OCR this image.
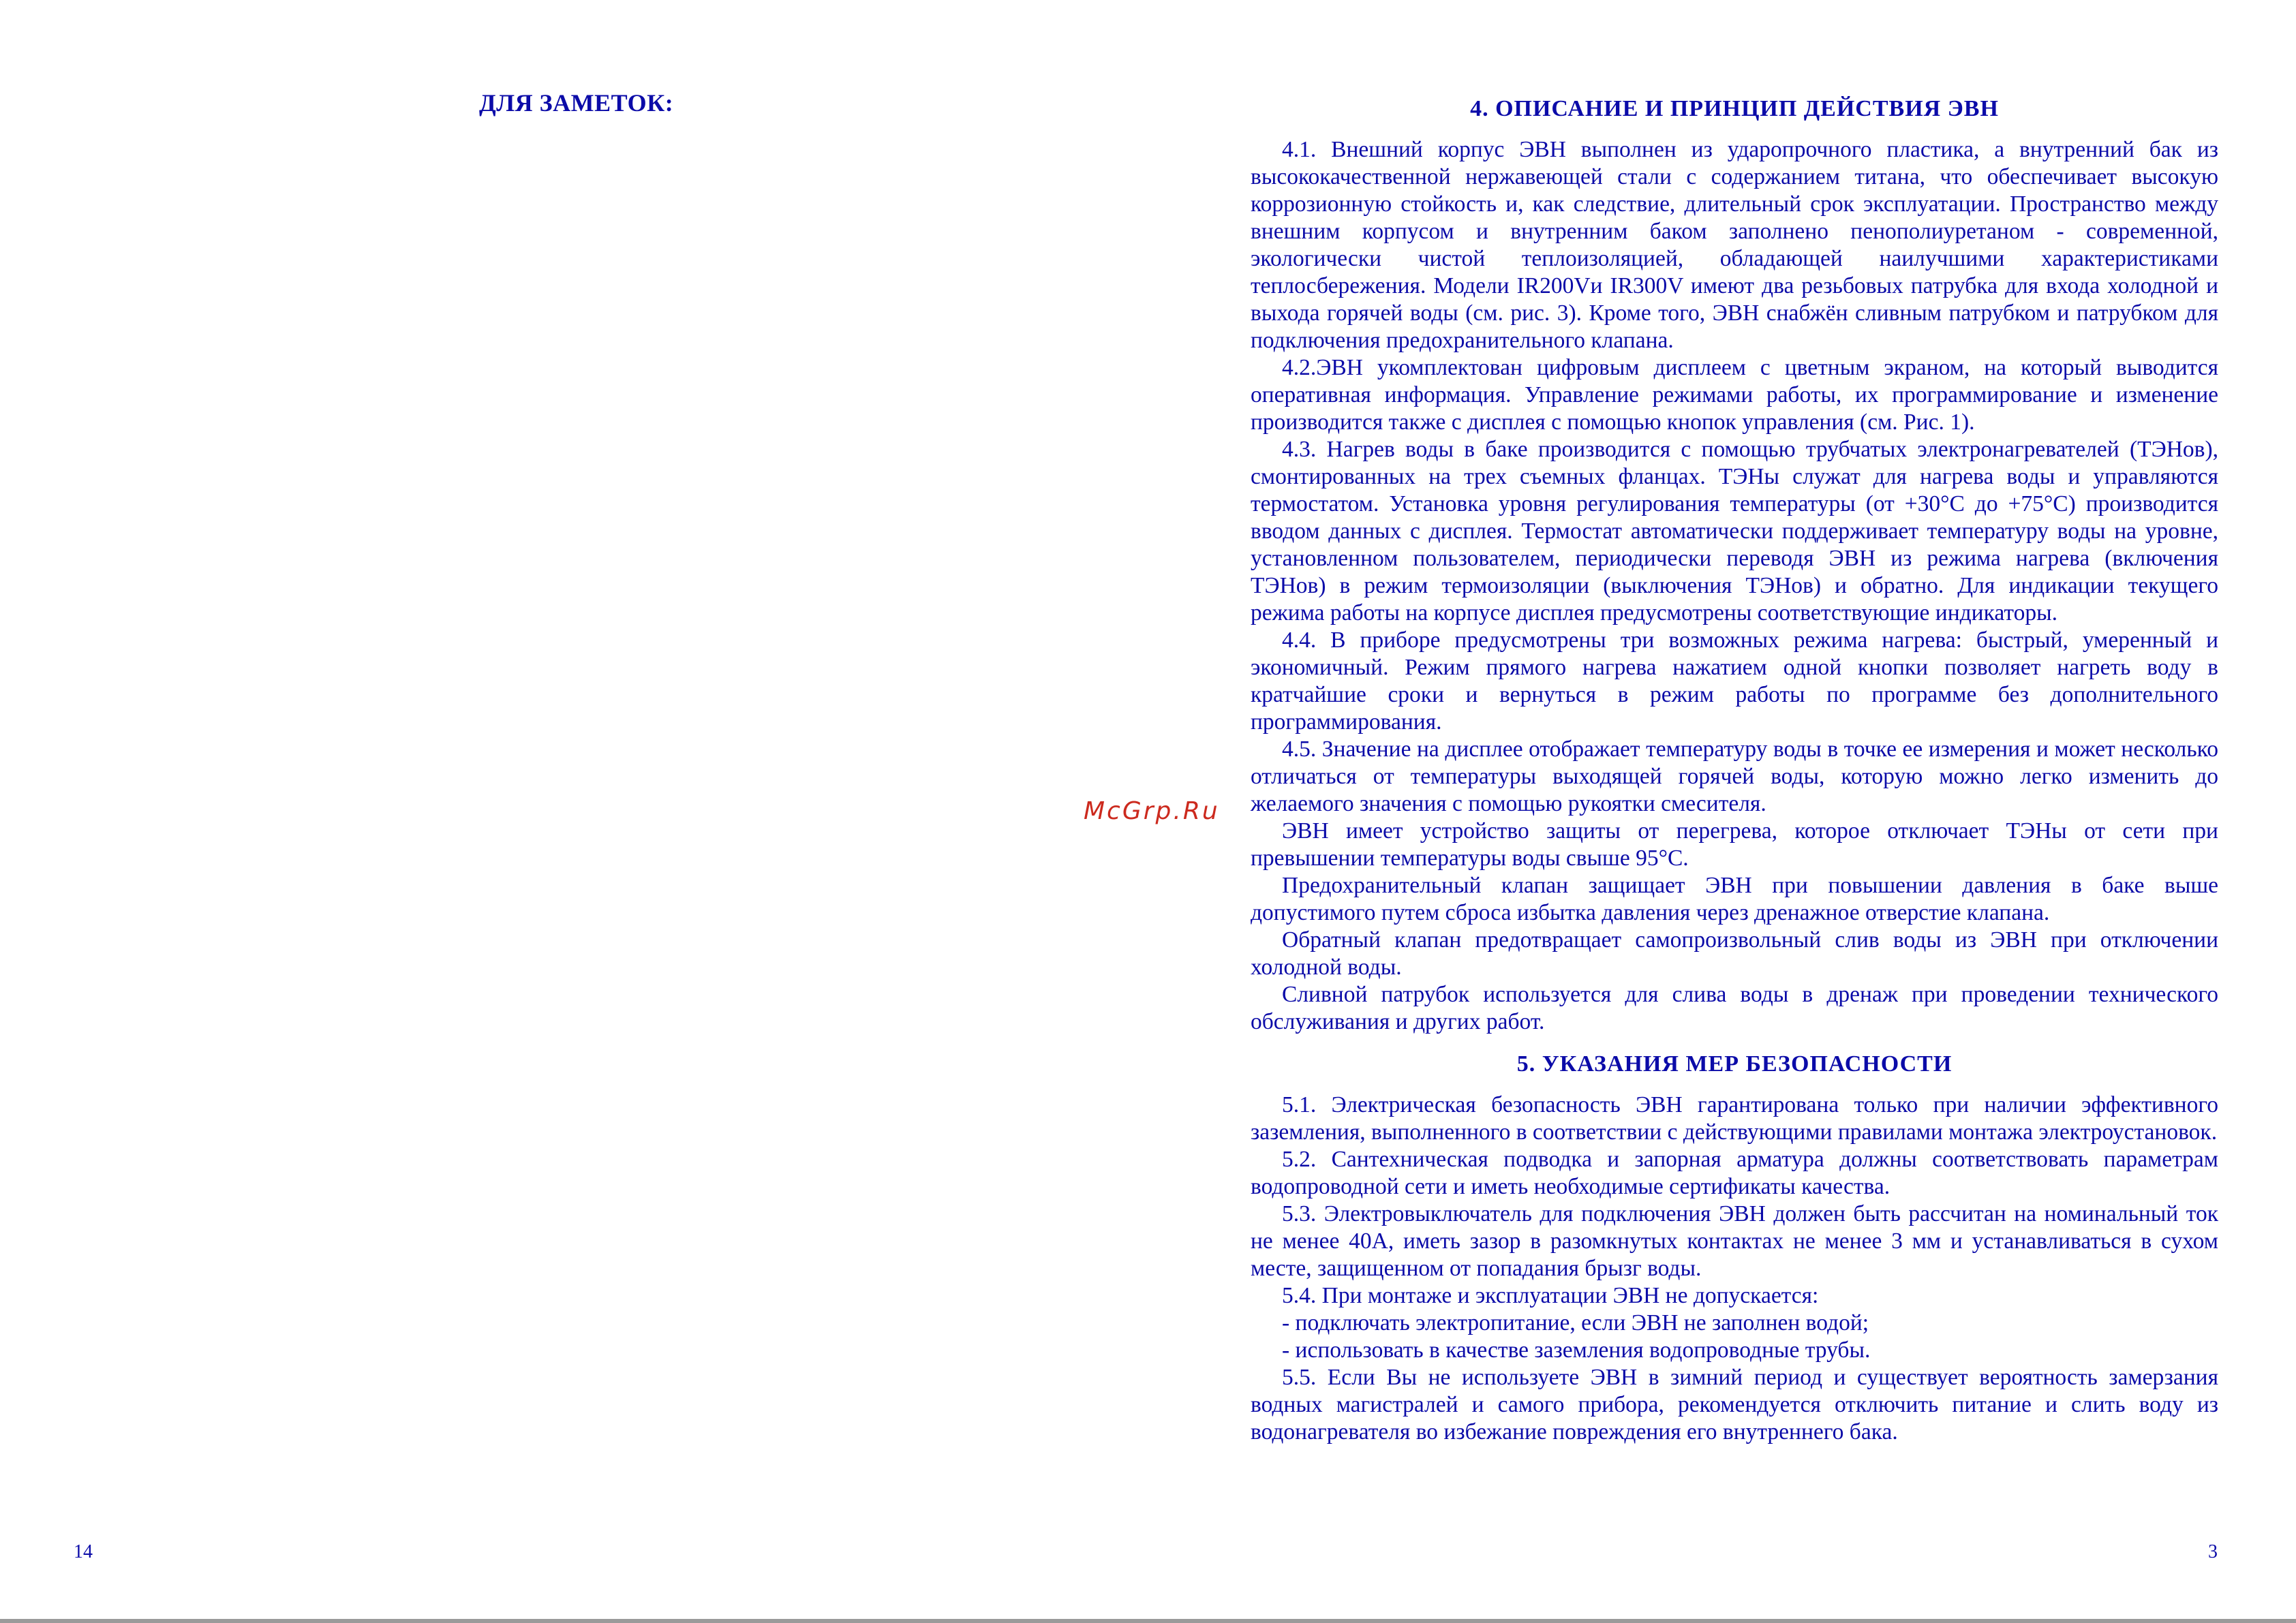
ДЛЯ ЗАМЕТОК:
McGrp.Ru
4. ОПИСАНИЕ И ПРИНЦИП ДЕЙСТВИЯ ЭВН

4.1. Внешний корпус ЭВН выполнен из ударопрочного пластика, а внутренний бак из высококачественной нержавеющей стали с содержанием титана, что обеспечивает высокую коррозионную стойкость и, как следствие, длительный срок эксплуатации. Пространство между внешним корпусом и внутренним баком заполнено пенополиуретаном - современной, экологически чистой теплоизоляцией, обладающей наилучшими характеристиками теплосбережения. Модели IR200Vи IR300V имеют два резьбовых патрубка для входа холодной и выхода горячей воды (см. рис. 3). Кроме того, ЭВН снабжён сливным патрубком и патрубком для подключения предохранительного клапана.

4.2.ЭВН укомплектован цифровым дисплеем с цветным экраном, на который выводится оперативная информация. Управление режимами работы, их программирование и изменение производится также с дисплея с помощью кнопок управления (см. Рис. 1).

4.3. Нагрев воды в баке производится с помощью трубчатых электронагревателей (ТЭНов), смонтированных на трех съемных фланцах. ТЭНы служат для нагрева воды и управляются термостатом. Установка уровня регулирования температуры (от +30°С до +75°С) производится вводом данных с дисплея. Термостат автоматически поддерживает температуру воды на уровне, установленном пользователем, периодически переводя ЭВН из режима нагрева (включения ТЭНов) в режим термоизоляции (выключения ТЭНов) и обратно. Для индикации текущего режима работы на корпусе дисплея предусмотрены соответствующие индикаторы.

4.4. В приборе предусмотрены три возможных режима нагрева: быстрый, умеренный и экономичный. Режим прямого нагрева нажатием одной кнопки позволяет нагреть воду в кратчайшие сроки и вернуться в режим работы по программе без дополнительного программирования.

4.5. Значение на дисплее отображает температуру воды в точке ее измерения и может несколько отличаться от температуры выходящей горячей воды, которую можно легко изменить до желаемого значения с помощью рукоятки смесителя.

ЭВН имеет устройство защиты от перегрева, которое отключает ТЭНы от сети при превышении температуры воды свыше 95°С.

Предохранительный клапан защищает ЭВН при повышении давления в баке выше допустимого путем сброса избытка давления через дренажное отверстие клапана.

Обратный клапан предотвращает самопроизвольный слив воды из ЭВН при отключении холодной воды.

Сливной патрубок используется для слива воды в дренаж при проведении технического обслуживания и других работ.

5. УКАЗАНИЯ МЕР БЕЗОПАСНОСТИ

5.1. Электрическая безопасность ЭВН гарантирована только при наличии эффективного заземления, выполненного в соответствии с действующими правилами монтажа электроустановок.

5.2. Сантехническая подводка и запорная арматура должны соответствовать параметрам водопроводной сети и иметь необходимые сертификаты качества.

5.3. Электровыключатель для подключения ЭВН должен быть рассчитан на номинальный ток не менее 40А, иметь зазор в разомкнутых контактах не менее 3 мм и устанавливаться в сухом месте, защищенном от попадания брызг воды.

5.4. При монтаже и эксплуатации ЭВН не допускается:

- подключать электропитание, если ЭВН не заполнен водой;

- использовать в качестве заземления водопроводные трубы.

5.5. Если Вы не используете ЭВН в зимний период и существует вероятность замерзания водных магистралей и самого прибора, рекомендуется отключить питание и слить воду из водонагревателя во избежание повреждения его внутреннего бака.

14	3
